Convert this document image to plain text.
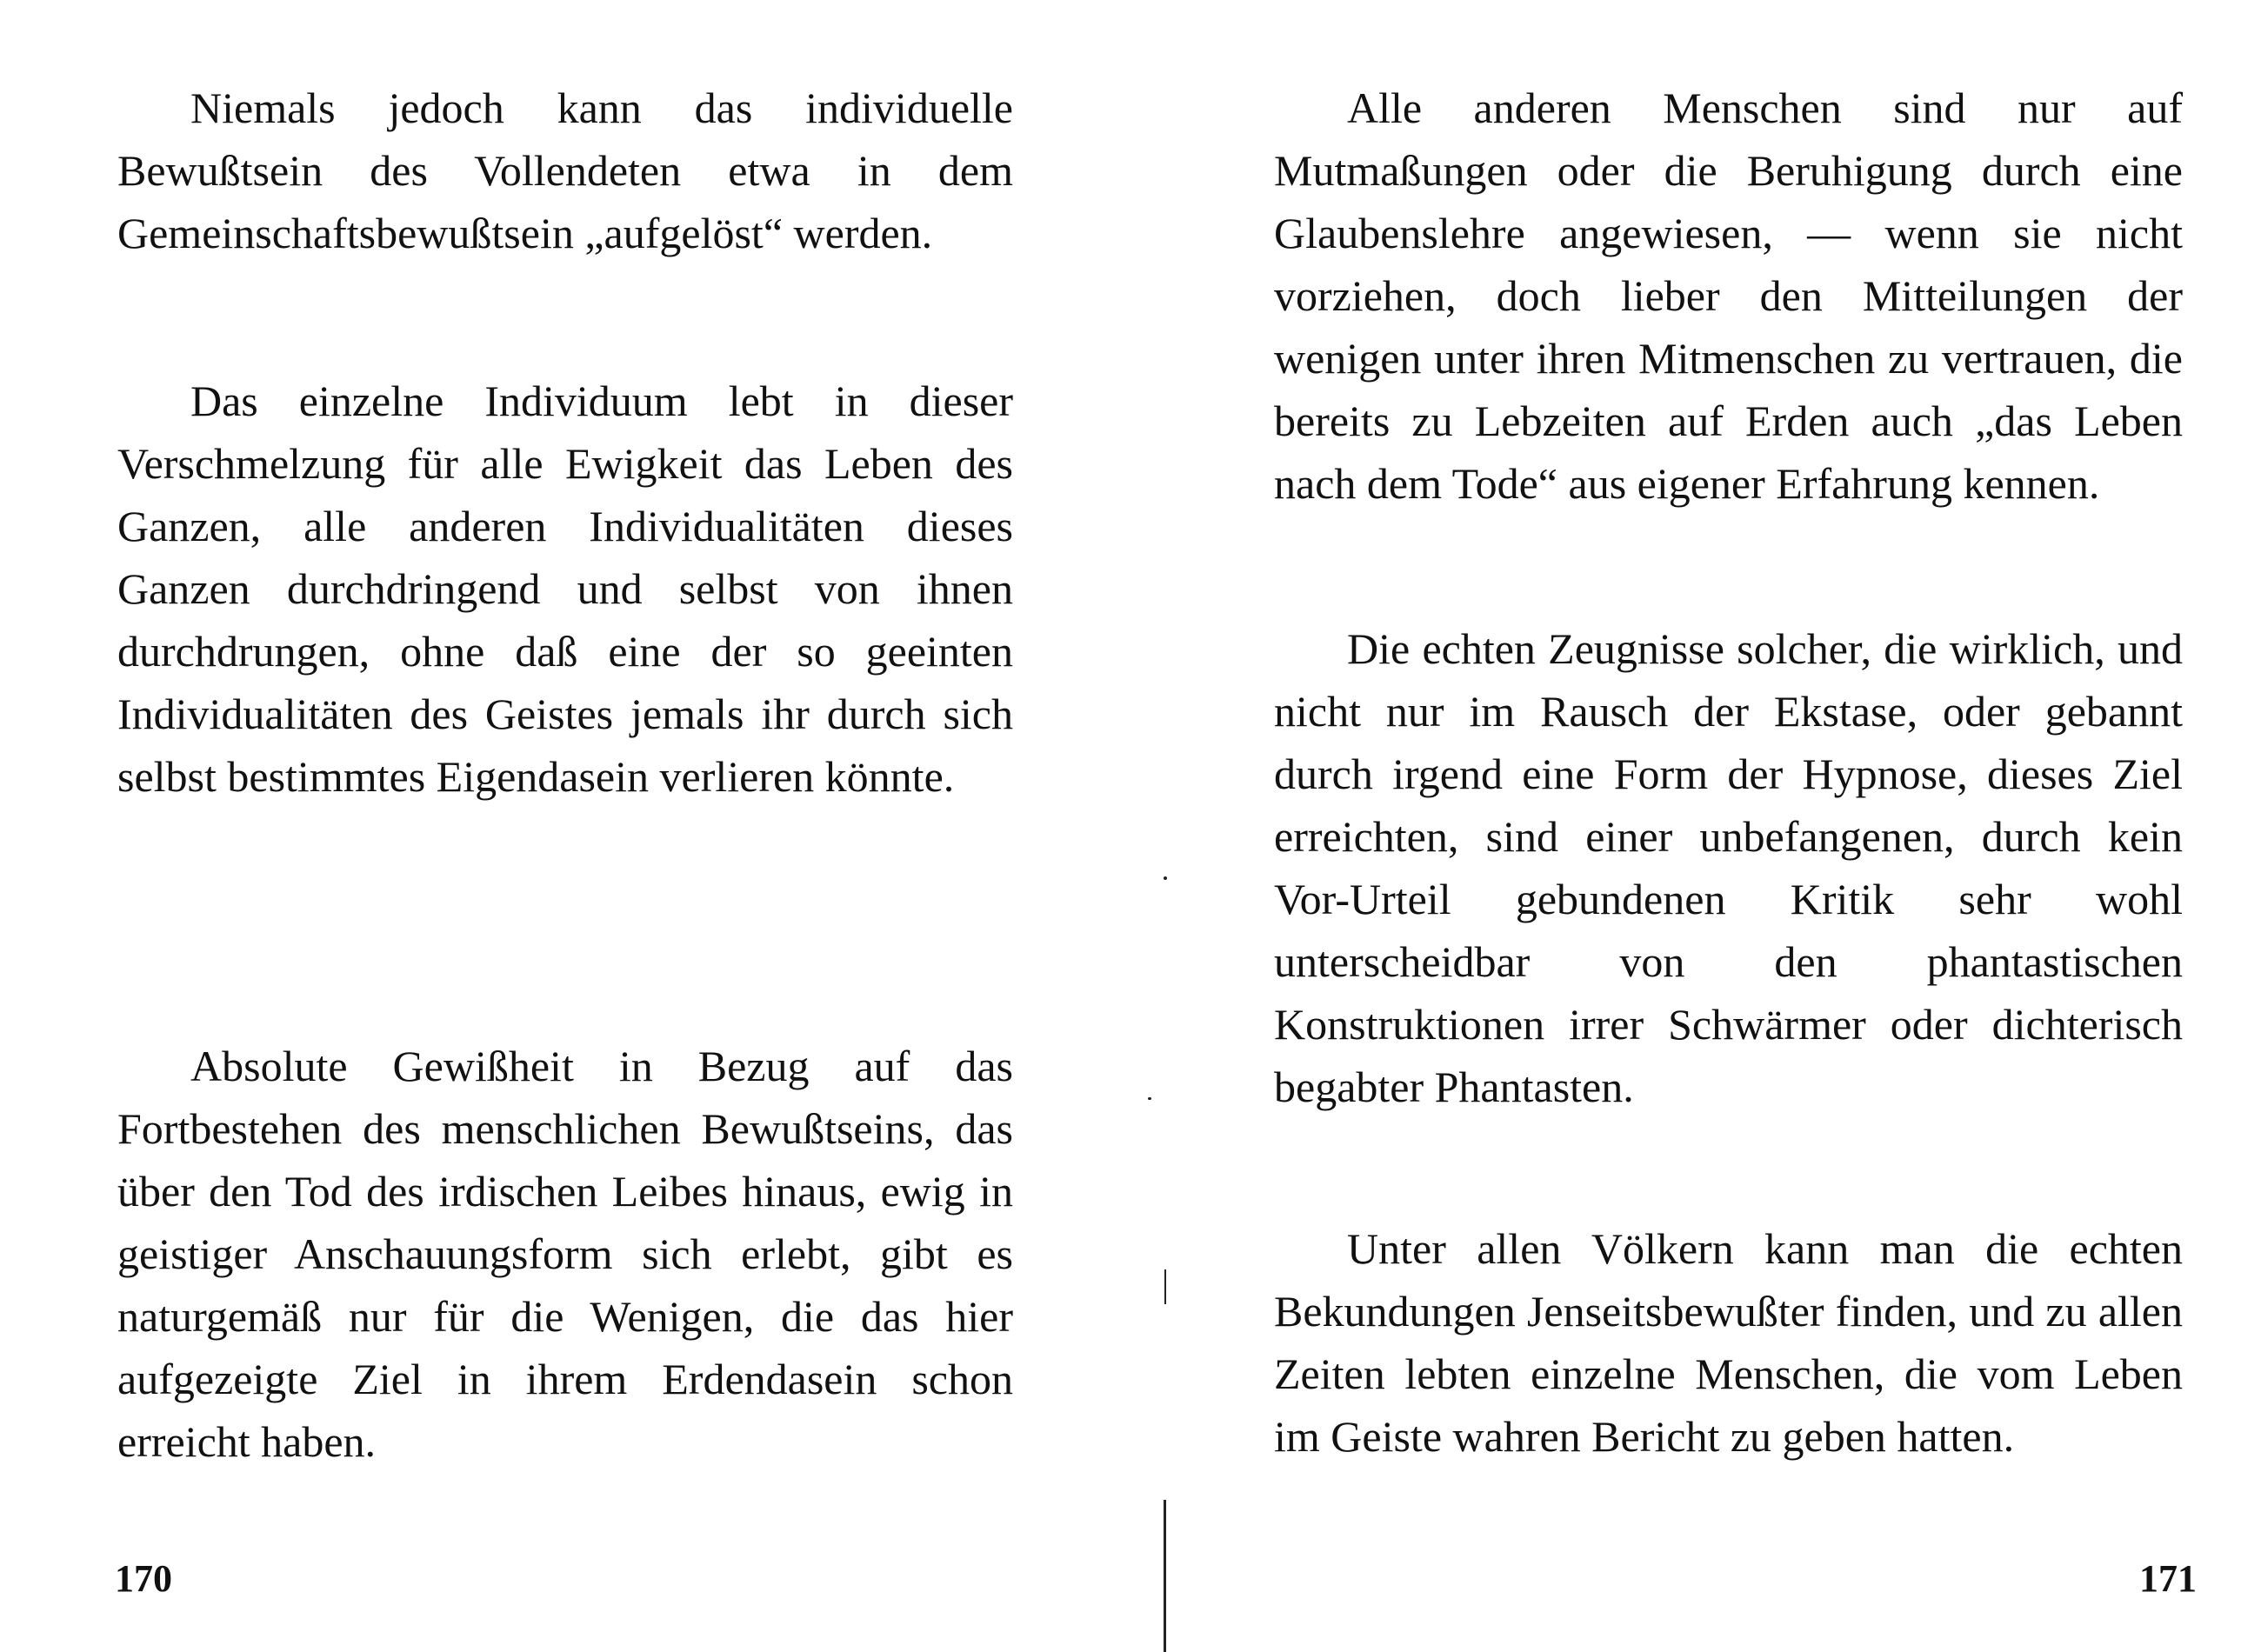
Niemals jedoch kann das individuelle Bewußtsein des Vollendeten etwa in dem Gemeinschaftsbewußtsein „aufgelöst“ werden.

Das einzelne Individuum lebt in dieser Verschmelzung für alle Ewigkeit das Leben des Ganzen, alle anderen Individualitäten dieses Ganzen durchdringend und selbst von ihnen durchdrungen, ohne daß eine der so geeinten Individualitäten des Geistes jemals ihr durch sich selbst bestimmtes Eigendasein verlieren könnte.

Absolute Gewißheit in Bezug auf das Fortbestehen des menschlichen Bewußtseins, das über den Tod des irdischen Leibes hinaus, ewig in geistiger Anschauungsform sich erlebt, gibt es naturgemäß nur für die Wenigen, die das hier aufgezeigte Ziel in ihrem Erdendasein schon erreicht haben.

170

Alle anderen Menschen sind nur auf Mutmaßungen oder die Beruhigung durch eine Glaubenslehre angewiesen, — wenn sie nicht vorziehen, doch lieber den Mitteilungen der wenigen unter ihren Mitmenschen zu vertrauen, die bereits zu Lebzeiten auf Erden auch „das Leben nach dem Tode“ aus eigener Erfahrung kennen.

Die echten Zeugnisse solcher, die wirklich, und nicht nur im Rausch der Ekstase, oder gebannt durch irgend eine Form der Hypnose, dieses Ziel erreichten, sind einer unbefangenen, durch kein Vor-Urteil gebundenen Kritik sehr wohl unterscheidbar von den phantastischen Konstruktionen irrer Schwärmer oder dichterisch begabter Phantasten.

Unter allen Völkern kann man die echten Bekundungen Jenseitsbewußter finden, und zu allen Zeiten lebten einzelne Menschen, die vom Leben im Geiste wahren Bericht zu geben hatten.

171
